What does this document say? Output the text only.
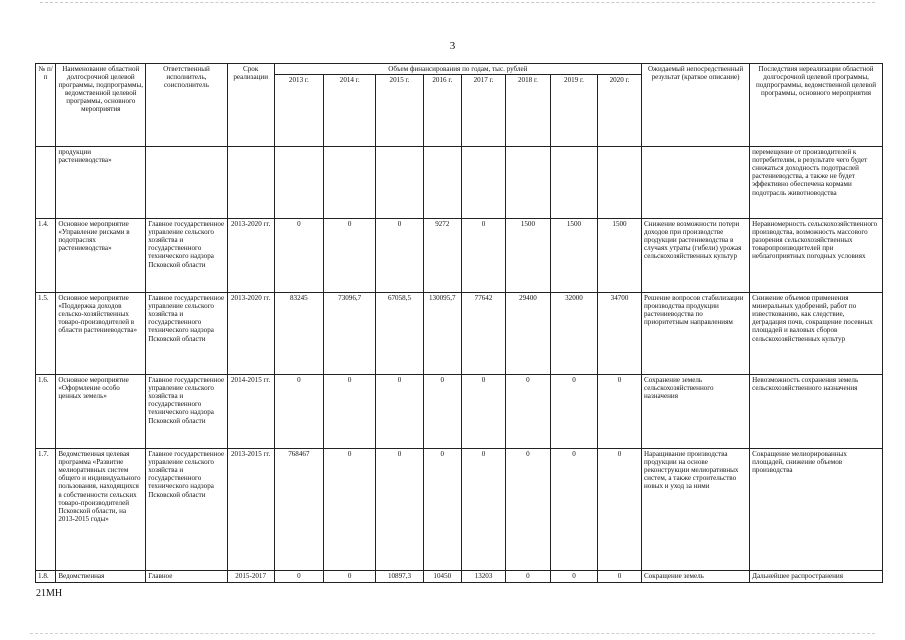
3
№ п/п	Наименование областной долгосрочной целевой программы, подпрограммы, ведомственной целевой программы, основного мероприятия	Ответственный исполнитель, соисполнитель	Срок реализации	Объем финансирования по годам, тыс. рублей								Ожидаемый непосредственный результат (краткое описание)	Последствия нереализации областной долгосрочной целевой программы, подпрограммы, ведомственной целевой программы, основного мероприятия
				2013 г.	2014 г.	2015 г.	2016 г.	2017 г.	2018 г.	2019 г.	2020 г.		
	продукции растениеводства»												перемещение от производителей к потребителям, в результате чего будет снижаться доходность подотраслей растениеводства, а также не будет эффективно обеспечена кормами подотрасль животноводства
1.4.	Основное мероприятие «Управление рисками в подотраслях растениеводства»	Главное государственное управление сельского хозяйства и государственного технического надзора Псковской области	2013-2020 гг.	0	0	0	9272	0	1500	1500	1500	Снижение возможности потери доходов при производстве продукции растениеводства в случаях утраты (гибели) урожая сельскохозяйственных культур	Неравномерность сельскохозяйственного производства, возможность массового разорения сельскохозяйственных товаропроизводителей при неблагоприятных погодных условиях
1.5.	Основное мероприятие «Поддержка доходов сельско-хозяйственных товаро-производителей в области растениеводства»	Главное государственное управление сельского хозяйства и государственного технического надзора Псковской области	2013-2020 гг.	83245	73096,7	67058,5	130095,7	77642	29400	32000	34700	Решение вопросов стабилизации производства продукции растениеводства по приоритетным направлениям	Снижение объемов применения минеральных удобрений, работ по известкованию, как следствие, деградация почв, сокращение посевных площадей и валовых сборов сельскохозяйственных культур
1.6.	Основное мероприятие «Оформление особо ценных земель»	Главное государственное управление сельского хозяйства и государственного технического надзора Псковской области	2014-2015 гг.	0	0	0	0	0	0	0	0	Сохранение земель сельскохозяйственного назначения	Невозможность сохранения земель сельскохозяйственного назначения
1.7.	Ведомственная целевая программа «Развитие мелиоративных систем общего и индивидуального пользования, находящихся в собственности сельских товаро-производителей Псковской области, на 2013-2015 годы»	Главное государственное управление сельского хозяйства и государственного технического надзора Псковской области	2013-2015 гг.	768467	0	0	0	0	0	0	0	Наращивание производства продукции на основе реконструкции мелиоративных систем, а также строительство новых и уход за ними	Сокращение мелиорированных площадей, снижение объемов производства
1.8.	Ведомственная	Главное	2015-2017	0	0	10897,3	10450	13203	0	0	0	Сокращение земель	Дальнейшее распространения
21МН
